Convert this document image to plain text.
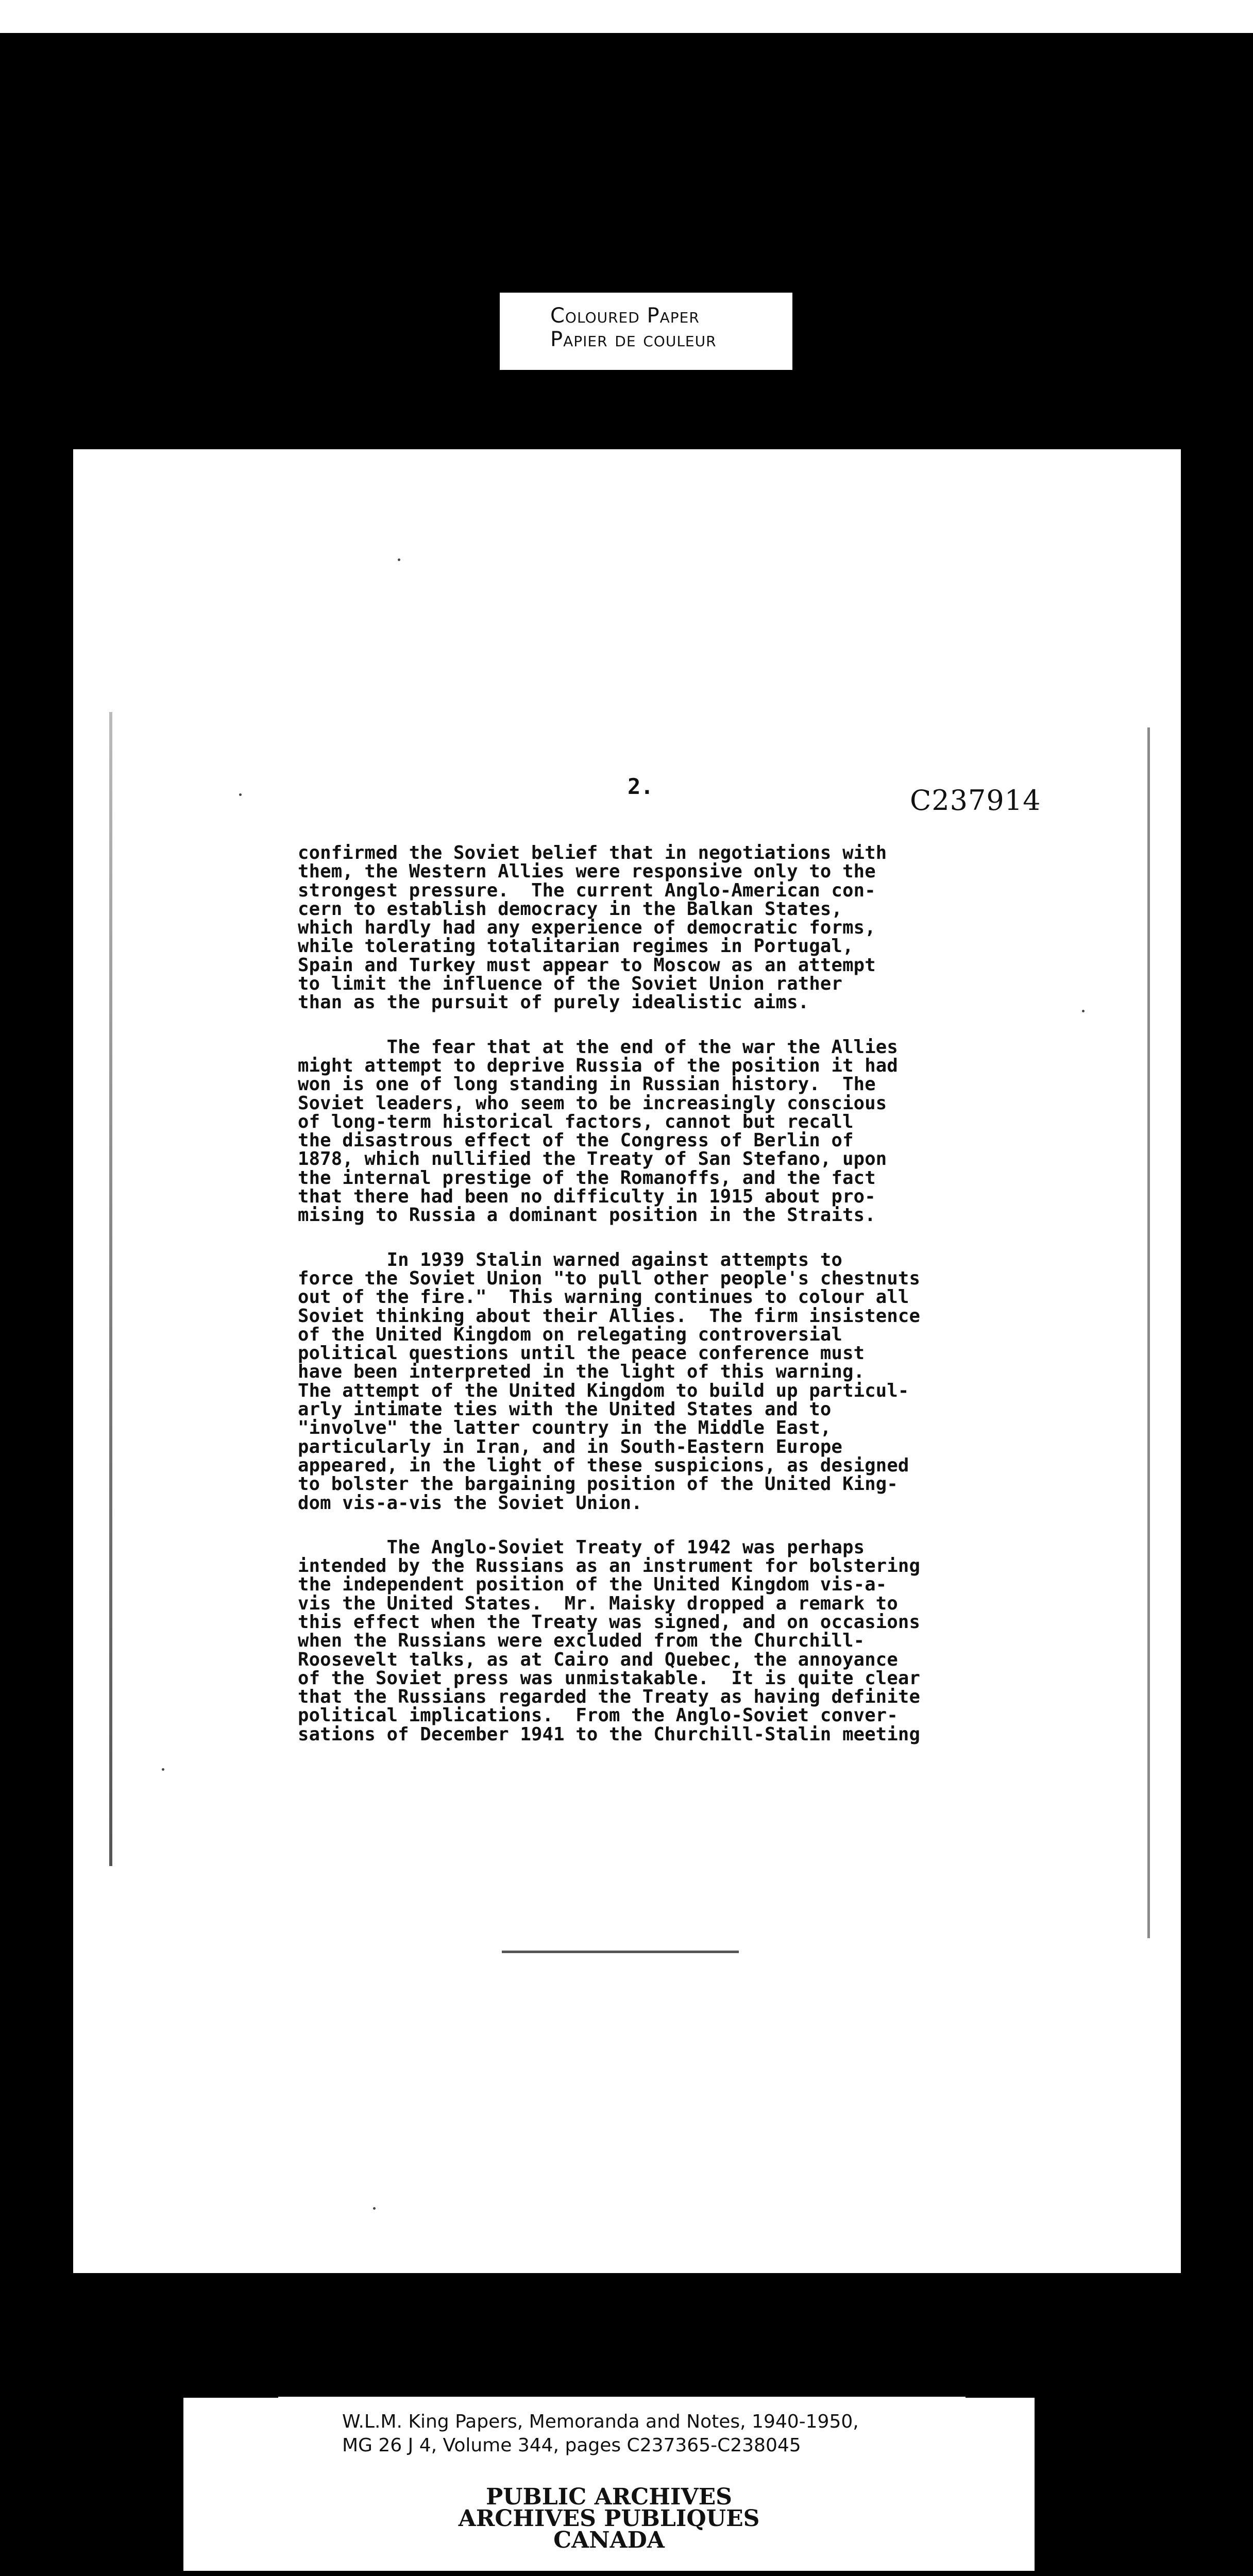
Coloured Paper
Papier de couleur
2.	C237914
confirmed the Soviet belief that in negotiations with
them, the Western Allies were responsive only to the
strongest pressure.  The current Anglo-American con-
cern to establish democracy in the Balkan States,
which hardly had any experience of democratic forms,
while tolerating totalitarian regimes in Portugal,
Spain and Turkey must appear to Moscow as an attempt
to limit the influence of the Soviet Union rather
than as the pursuit of purely idealistic aims.
The fear that at the end of the war the Allies
might attempt to deprive Russia of the position it had
won is one of long standing in Russian history.  The
Soviet leaders, who seem to be increasingly conscious
of long-term historical factors, cannot but recall
the disastrous effect of the Congress of Berlin of
1878, which nullified the Treaty of San Stefano, upon
the internal prestige of the Romanoffs, and the fact
that there had been no difficulty in 1915 about pro-
mising to Russia a dominant position in the Straits.
In 1939 Stalin warned against attempts to
force the Soviet Union "to pull other people's chestnuts
out of the fire."  This warning continues to colour all
Soviet thinking about their Allies.  The firm insistence
of the United Kingdom on relegating controversial
political questions until the peace conference must
have been interpreted in the light of this warning.
The attempt of the United Kingdom to build up particul-
arly intimate ties with the United States and to
"involve" the latter country in the Middle East,
particularly in Iran, and in South-Eastern Europe
appeared, in the light of these suspicions, as designed
to bolster the bargaining position of the United King-
dom vis-a-vis the Soviet Union.
The Anglo-Soviet Treaty of 1942 was perhaps
intended by the Russians as an instrument for bolstering
the independent position of the United Kingdom vis-a-
vis the United States.  Mr. Maisky dropped a remark to
this effect when the Treaty was signed, and on occasions
when the Russians were excluded from the Churchill-
Roosevelt talks, as at Cairo and Quebec, the annoyance
of the Soviet press was unmistakable.  It is quite clear
that the Russians regarded the Treaty as having definite
political implications.  From the Anglo-Soviet conver-
sations of December 1941 to the Churchill-Stalin meeting
W.L.M. King Papers, Memoranda and Notes, 1940-1950,
MG 26 J 4, Volume 344, pages C237365-C238045
PUBLIC ARCHIVES
ARCHIVES PUBLIQUES
CANADA
